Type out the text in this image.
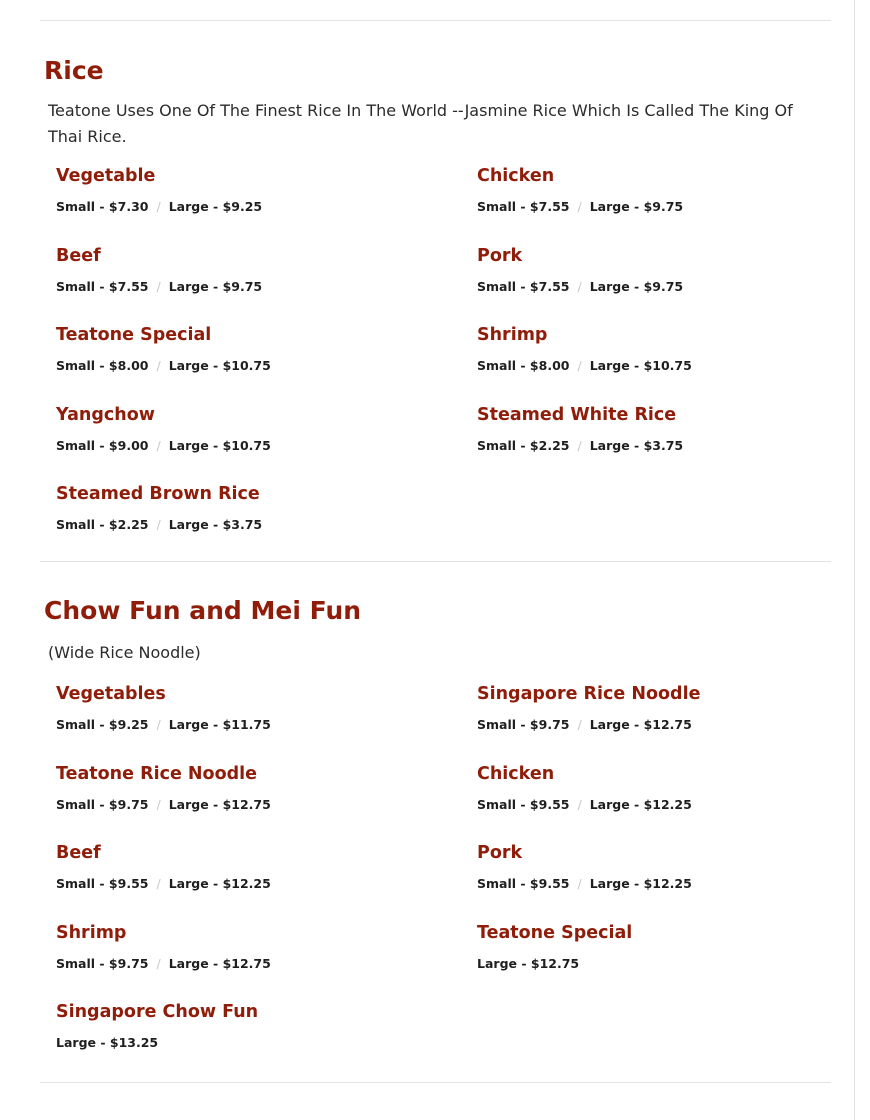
Rice

Teatone Uses One Of The Finest Rice In The World --Jasmine Rice Which Is Called The King Of Thai Rice.

Vegetable
Small - $7.30 / Large - $9.25
Chicken
Small - $7.55 / Large - $9.75
Beef
Small - $7.55 / Large - $9.75
Pork
Small - $7.55 / Large - $9.75
Teatone Special
Small - $8.00 / Large - $10.75
Shrimp
Small - $8.00 / Large - $10.75
Yangchow
Small - $9.00 / Large - $10.75
Steamed White Rice
Small - $2.25 / Large - $3.75
Steamed Brown Rice
Small - $2.25 / Large - $3.75
Chow Fun and Mei Fun

(Wide Rice Noodle)

Vegetables
Small - $9.25 / Large - $11.75
Singapore Rice Noodle
Small - $9.75 / Large - $12.75
Teatone Rice Noodle
Small - $9.75 / Large - $12.75
Chicken
Small - $9.55 / Large - $12.25
Beef
Small - $9.55 / Large - $12.25
Pork
Small - $9.55 / Large - $12.25
Shrimp
Small - $9.75 / Large - $12.75
Teatone Special
Large - $12.75
Singapore Chow Fun
Large - $13.25
